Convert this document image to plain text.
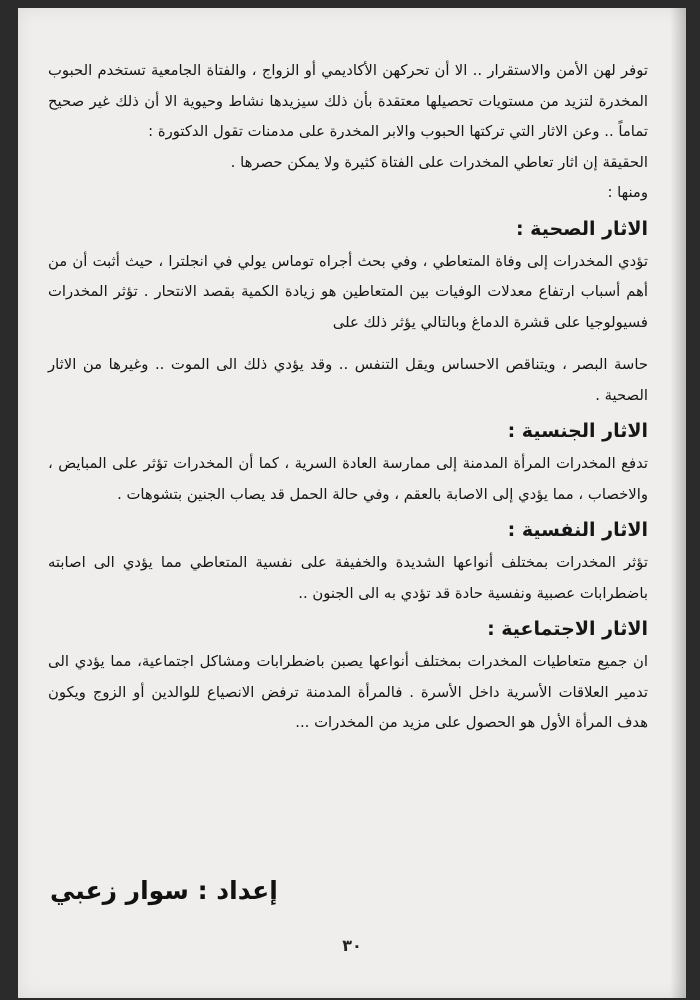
توفر لهن الأمن والاستقرار .. الا أن تحركهن الأكاديمي أو الزواج ، والفتاة الجامعية تستخدم الحبوب المخدرة لتزيد من مستويات تحصيلها معتقدة بأن ذلك سيزيدها نشاط وحيوية الا أن ذلك غير صحيح تماماً .. وعن الاثار التي تركتها الحبوب والابر المخدرة على مدمنات تقول الدكتورة :

الحقيقة إن اثار تعاطي المخدرات على الفتاة كثيرة ولا يمكن حصرها .

ومنها :

الاثار الصحية :

تؤدي المخدرات إلى وفاة المتعاطي ، وفي بحث أجراه توماس يولي في انجلترا ، حيث أثبت أن من أهم أسباب ارتفاع معدلات الوفيات بين المتعاطين هو زيادة الكمية بقصد الانتحار . تؤثر المخدرات فسيولوجيا على قشرة الدماغ وبالتالي يؤثر ذلك على

حاسة البصر ، ويتناقص الاحساس ويقل التنفس .. وقد يؤدي ذلك الى الموت .. وغيرها من الاثار الصحية .

الاثار الجنسية :

تدفع المخدرات المرأة المدمنة إلى ممارسة العادة السرية ، كما أن المخدرات تؤثر على المبايض ، والاخصاب ، مما يؤدي إلى الاصابة بالعقم ، وفي حالة الحمل قد يصاب الجنين بتشوهات .

الاثار النفسية :

تؤثر المخدرات بمختلف أنواعها الشديدة والخفيفة على نفسية المتعاطي مما يؤدي الى اصابته باضطرابات عصبية ونفسية حادة قد تؤدي به الى الجنون ..

الاثار الاجتماعية :

ان جميع متعاطيات المخدرات بمختلف أنواعها يصبن باضطرابات ومشاكل اجتماعية، مما يؤدي الى تدمير العلاقات الأسرية داخل الأسرة . فالمرأة المدمنة ترفض الانصياع للوالدين أو الزوج ويكون هدف المرأة الأول هو الحصول على مزيد من المخدرات ...

إعداد : سوار زعبي
٣٠
